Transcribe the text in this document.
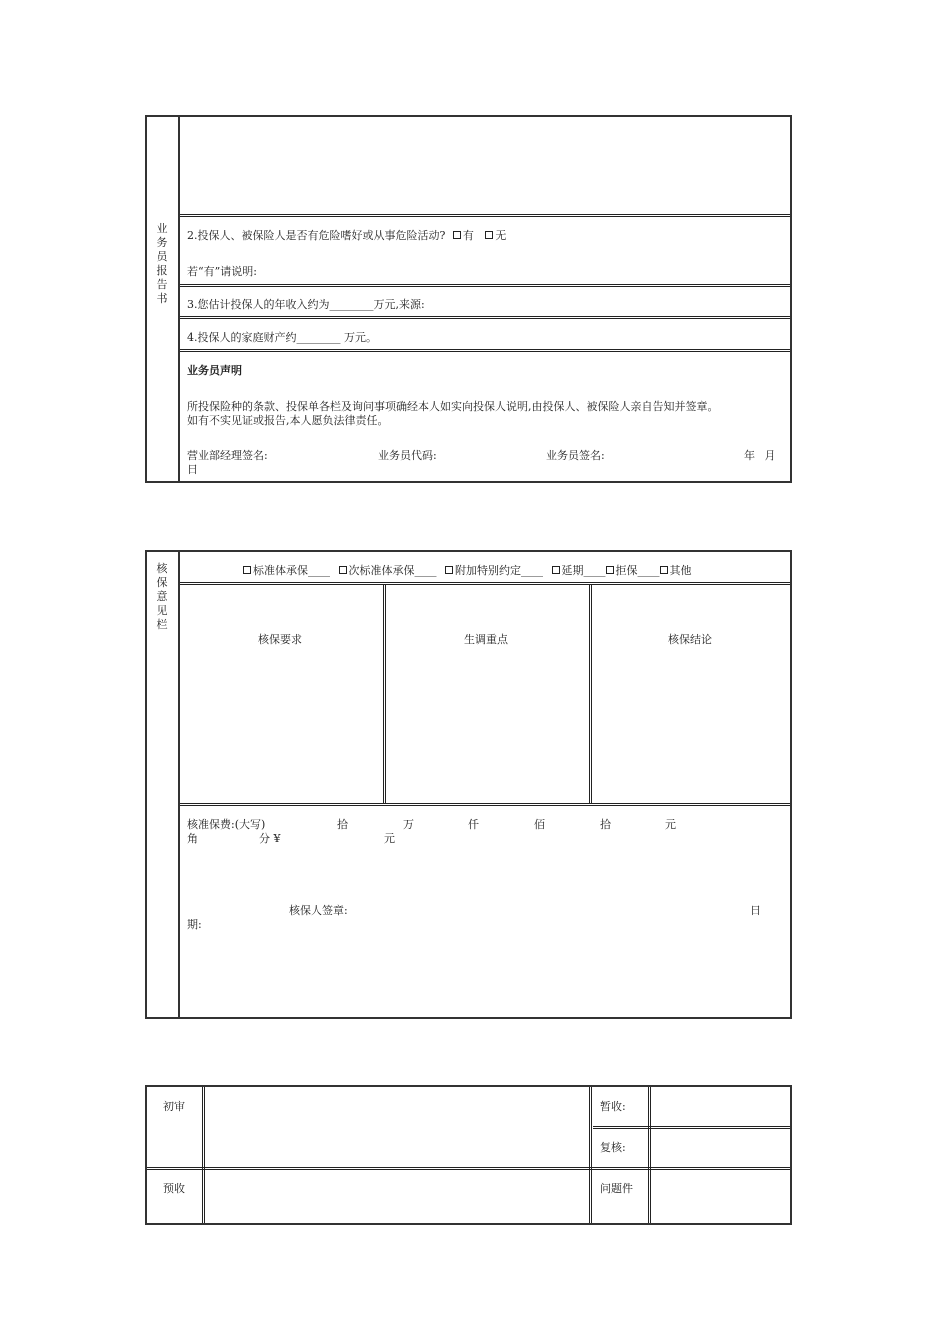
业务员报告书
2.投保人、被保险人是否有危险嗜好或从事危险活动? 有 无
若“有”请说明:
3.您估计投保人的年收入约为________万元,来源:
4.投保人的家庭财产约________ 万元。
业务员声明
所投保险种的条款、投保单各栏及询问事项确经本人如实向投保人说明,由投保人、被保险人亲自告知并签章。
如有不实见证或报告,本人愿负法律责任。
营业部经理签名:	业务员代码:	业务员签名:	年 月
日
核保意见栏
标准体承保____ 次标准体承保____ 附加特别约定____ 延期____ 拒保____ 其他
核保要求	生调重点	核保结论
核准保费:(大写)	拾	万	仟	佰	拾	元
角	分 ¥	元
核保人签章:	日
期:
初审	暂收:
复核:
预收	问题件
